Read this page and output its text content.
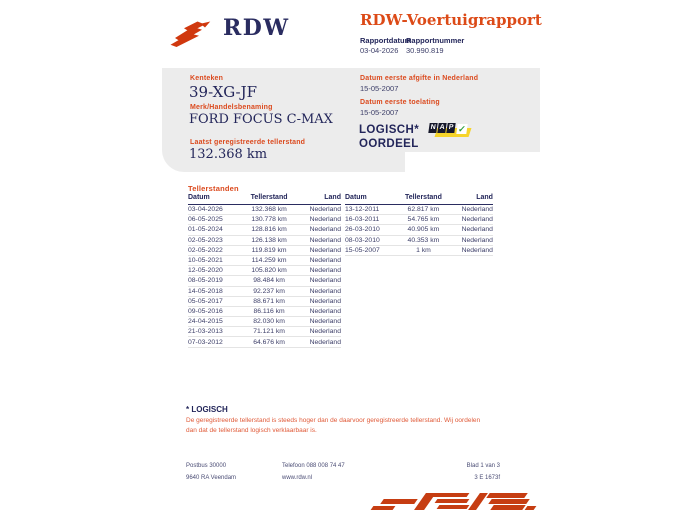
RDW	RDW-Voertuigrapport
Rapportdatum
03-04-2026
Rapportnummer
30.990.819
Kenteken
39-XG-JF
Merk/Handelsbenaming
FORD FOCUS C-MAX
Laatst geregistreerde tellerstand
132.368 km
Datum eerste afgifte in Nederland
15-05-2007
Datum eerste toelating
15-05-2007
LOGISCH*
OORDEEL
N A P ✓
Tellerstanden
Datum	Tellerstand	Land
03-04-2026	132.368 km	Nederland
06-05-2025	130.778 km	Nederland
01-05-2024	128.816 km	Nederland
02-05-2023	126.138 km	Nederland
02-05-2022	119.819 km	Nederland
10-05-2021	114.259 km	Nederland
12-05-2020	105.820 km	Nederland
08-05-2019	98.484 km	Nederland
14-05-2018	92.237 km	Nederland
05-05-2017	88.671 km	Nederland
09-05-2016	86.116 km	Nederland
24-04-2015	82.030 km	Nederland
21-03-2013	71.121 km	Nederland
07-03-2012	64.676 km	Nederland
Datum	Tellerstand	Land
13-12-2011	62.817 km	Nederland
16-03-2011	54.765 km	Nederland
26-03-2010	40.905 km	Nederland
08-03-2010	40.353 km	Nederland
15-05-2007	1 km	Nederland
* LOGISCH
De geregistreerde tellerstand is steeds hoger dan de daarvoor geregistreerde tellerstand. Wij oordelen dan dat de tellerstand logisch verklaarbaar is.
Postbus 30000
9640 RA Veendam
Telefoon 088 008 74 47
www.rdw.nl
Blad 1 van 3
3 E 1673f
